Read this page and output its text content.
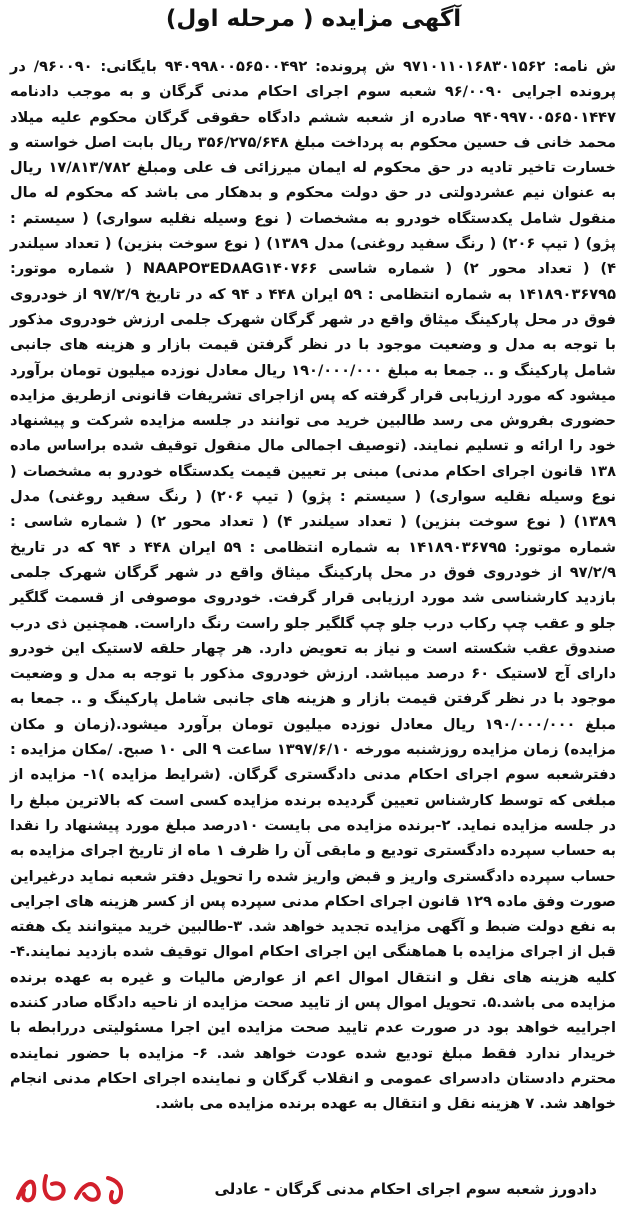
آگهی مزایده ( مرحله اول)
ش نامه: ۹۷۱۰۱۱۰۱۶۸۳۰۱۵۶۲ ش پرونده: ۹۴۰۹۹۸۰۰۵۶۵۰۰۴۹۲ بایگانی: ۹۶۰۰۹۰/ در پرونده اجرایی ۹۶/۰۰۹۰ شعبه سوم اجرای احکام مدنی گرگان و به موجب دادنامه ۹۴۰۹۹۷۰۰۵۶۵۰۱۴۴۷ صادره از شعبه ششم دادگاه حقوقی گرگان محکوم علیه میلاد محمد خانی ف حسین محکوم به پرداخت مبلغ ۳۵۶/۲۷۵/۶۴۸ ریال بابت اصل خواسته و خسارت تاخیر تادیه در حق محکوم له ایمان میرزائی ف علی ومبلغ ۱۷/۸۱۳/۷۸۲ ریال به عنوان نیم عشردولتی در حق دولت محکوم و بدهکار می باشد که محکوم له مال منقول شامل یکدستگاه خودرو به مشخصات ( نوع وسیله نقلیه سواری) ( سیستم : پژو) ( تیپ ۲۰۶) ( رنگ سفید روغنی) مدل ۱۳۸۹) ( نوع سوخت بنزین) ( تعداد سیلندر ۴) ( تعداد محور ۲) ( شماره شاسی NAAPO۳ED۸AG۱۴۰۷۶۶ ( شماره موتور: ۱۴۱۸۹۰۳۶۷۹۵ به شماره انتظامی : ۵۹ ایران ۴۴۸ د ۹۴ که در تاریخ ۹۷/۲/۹ از خودروی فوق در محل پارکینگ میثاق واقع در شهر گرگان شهرک جلمی ارزش خودروی مذکور با توجه به مدل و وضعیت موجود با در نظر گرفتن قیمت بازار و هزینه های جانبی شامل پارکینگ و .. جمعا به مبلغ ۱۹۰/۰۰۰/۰۰۰ ریال معادل نوزده میلیون تومان برآورد میشود که مورد ارزیابی قرار گرفته که پس ازاجرای تشریفات قانونی ازطریق مزایده حضوری بفروش می رسد طالبین خرید می توانند در جلسه مزایده شرکت و پیشنهاد خود را ارائه و تسلیم نمایند. (توصیف اجمالی مال منقول توقیف شده براساس ماده ۱۳۸ قانون اجرای احکام مدنی) مبنی بر تعیین قیمت یکدستگاه خودرو به مشخصات ( نوع وسیله نقلیه سواری) ( سیستم : پژو) ( تیپ ۲۰۶) ( رنگ سفید روغنی) مدل ۱۳۸۹) ( نوع سوخت بنزین) ( تعداد سیلندر ۴) ( تعداد محور ۲) ( شماره شاسی : شماره موتور: ۱۴۱۸۹۰۳۶۷۹۵ به شماره انتظامی : ۵۹ ایران ۴۴۸ د ۹۴ که در تاریخ ۹۷/۲/۹ از خودروی فوق در محل پارکینگ میثاق واقع در شهر گرگان شهرک جلمی بازدید کارشناسی شد مورد ارزیابی قرار گرفت. خودروی موصوفی از قسمت گلگیر جلو و عقب چپ رکاب درب جلو چپ گلگیر جلو راست رنگ داراست. همچنین ذی درب صندوق عقب شکسته است و نیاز به تعویض دارد. هر چهار حلقه لاستیک این خودرو دارای آج لاستیک ۶۰ درصد میباشد. ارزش خودروی مذکور با توجه به مدل و وضعیت موجود با در نظر گرفتن قیمت بازار و هزینه های جانبی شامل پارکینگ و .. جمعا به مبلغ ۱۹۰/۰۰۰/۰۰۰ ریال معادل نوزده میلیون تومان برآورد میشود.(زمان و مکان مزایده) زمان مزایده روزشنبه مورخه ۱۳۹۷/۶/۱۰ ساعت ۹ الی ۱۰ صبح. /مکان مزایده : دفترشعبه سوم اجرای احکام مدنی دادگستری گرگان. (شرایط مزایده )۱- مزایده از مبلغی که توسط کارشناس تعیین گردیده برنده مزایده کسی است که بالاترین مبلغ را در جلسه مزایده نماید. ۲-برنده مزایده می بایست ۱۰درصد مبلغ مورد پیشنهاد را نقدا به حساب سپرده دادگستری تودیع و مابقی آن را ظرف ۱ ماه از تاریخ اجرای مزایده به حساب سپرده دادگستری واریز و قبض واریز شده را تحویل دفتر شعبه نماید درغیراین صورت وفق ماده ۱۲۹ قانون اجرای احکام مدنی سپرده پس از کسر هزینه های اجرایی به نفع دولت ضبط و آگهی مزایده تجدید خواهد شد. ۳-طالبین خرید میتوانند یک هفته قبل از اجرای مزایده با هماهنگی این اجرای احکام اموال توقیف شده بازدید نمایند.۴- کلیه هزینه های نقل و انتقال اموال اعم از عوارض مالیات و غیره به عهده برنده مزایده می باشد.۵. تحویل اموال پس از تایید صحت مزایده از ناحیه دادگاه صادر کننده اجراییه خواهد بود در صورت عدم تایید صحت مزایده این اجرا مسئولیتی دررابطه با خریدار ندارد فقط مبلغ تودیع شده عودت خواهد شد. ۶- مزایده با حضور نماینده محترم دادستان دادسرای عمومی و انقلاب گرگان و نماینده اجرای احکام مدنی انجام خواهد شد. ۷ هزینه نقل و انتقال به عهده برنده مزایده می باشد.
دادورز شعبه سوم اجرای احکام مدنی گرگان - عادلی
